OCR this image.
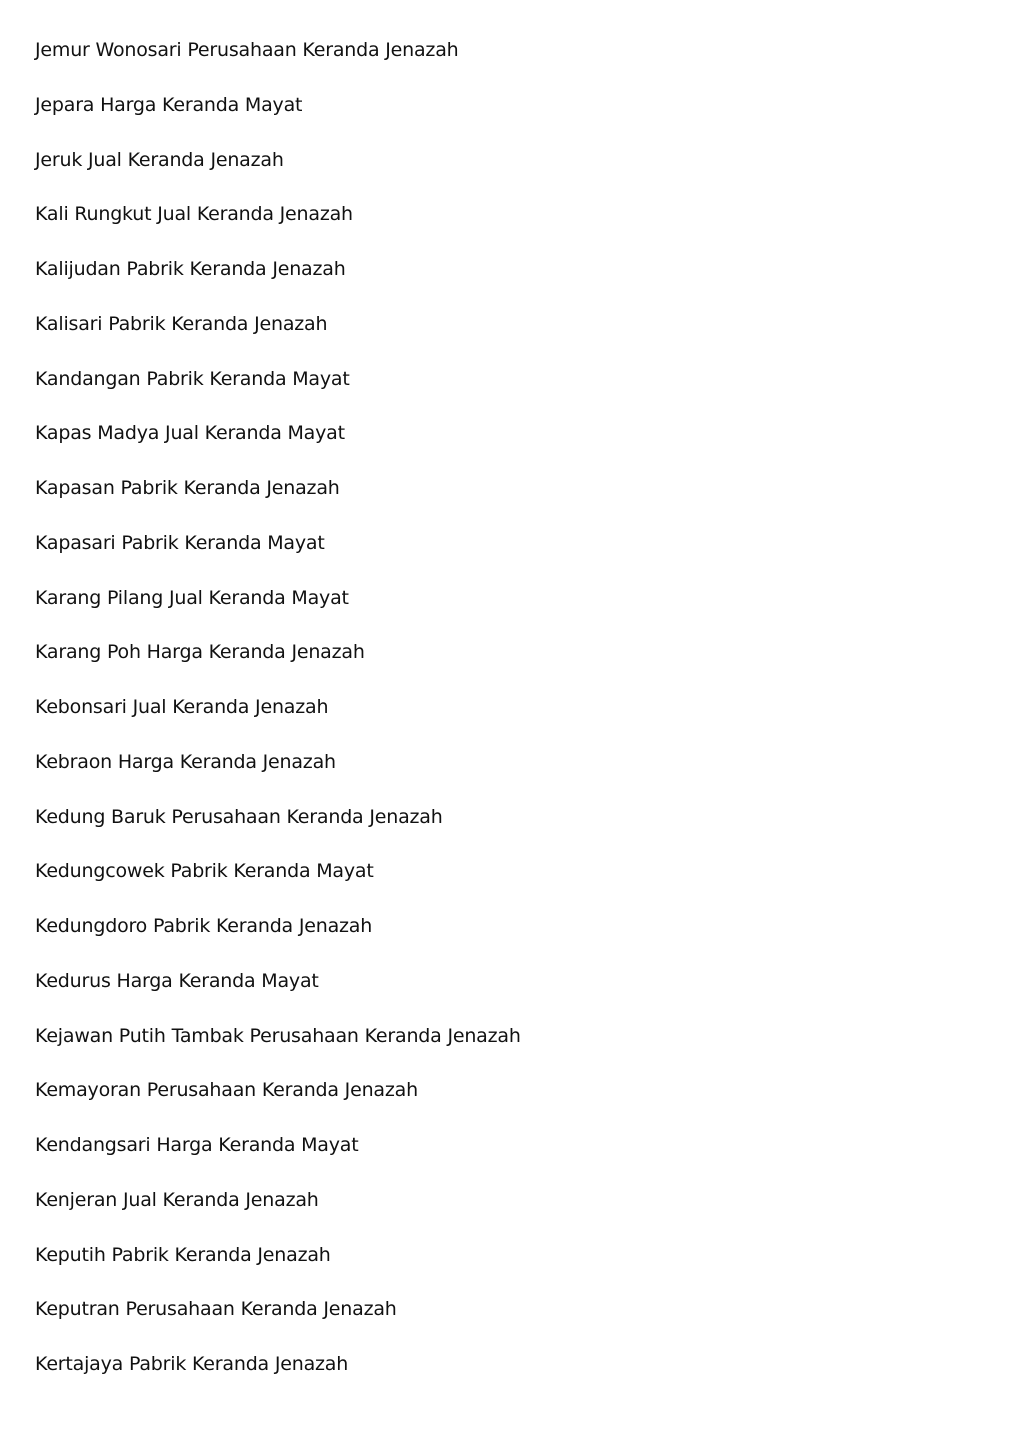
Jemur Wonosari Perusahaan Keranda Jenazah
Jepara Harga Keranda Mayat
Jeruk Jual Keranda Jenazah
Kali Rungkut Jual Keranda Jenazah
Kalijudan Pabrik Keranda Jenazah
Kalisari Pabrik Keranda Jenazah
Kandangan Pabrik Keranda Mayat
Kapas Madya Jual Keranda Mayat
Kapasan Pabrik Keranda Jenazah
Kapasari Pabrik Keranda Mayat
Karang Pilang Jual Keranda Mayat
Karang Poh Harga Keranda Jenazah
Kebonsari Jual Keranda Jenazah
Kebraon Harga Keranda Jenazah
Kedung Baruk Perusahaan Keranda Jenazah
Kedungcowek Pabrik Keranda Mayat
Kedungdoro Pabrik Keranda Jenazah
Kedurus Harga Keranda Mayat
Kejawan Putih Tambak Perusahaan Keranda Jenazah
Kemayoran Perusahaan Keranda Jenazah
Kendangsari Harga Keranda Mayat
Kenjeran Jual Keranda Jenazah
Keputih Pabrik Keranda Jenazah
Keputran Perusahaan Keranda Jenazah
Kertajaya Pabrik Keranda Jenazah
